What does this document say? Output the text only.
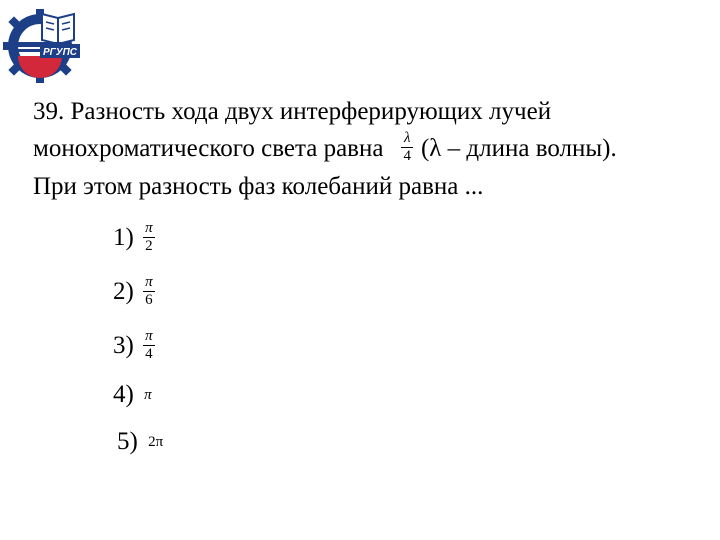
РГУПС
39. Разность хода двух интерферирующих лучей
монохроматического света равна $\frac{\lambda}{4} (\lambda$ – длина волны).
При этом разность фаз колебаний равна ...
$1) \frac{\pi}{2}$
$2) \frac{\pi}{6}$
$3) \frac{\pi}{4}$
4) π
5) 2π
